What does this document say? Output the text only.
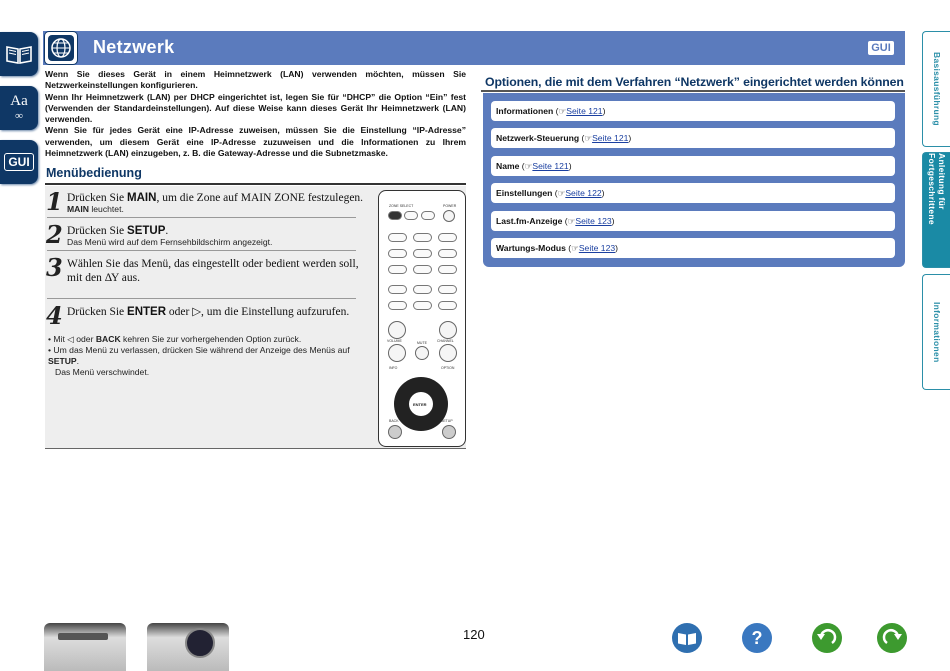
Aa
∞
GUI
Netzwerk	GUI

Wenn Sie dieses Gerät in einem Heimnetzwerk (LAN) verwenden möchten, müssen Sie Netzwerkeinstellungen konfigurieren.

Wenn Ihr Heimnetzwerk (LAN) per DHCP eingerichtet ist, legen Sie für “DHCP” die Option “Ein” fest (Verwenden der Standardeinstellungen). Auf diese Weise kann dieses Gerät Ihr Heimnetzwerk (LAN) verwenden.

Wenn Sie für jedes Gerät eine IP-Adresse zuweisen, müssen Sie die Einstellung “IP-Adresse” verwenden, um diesem Gerät eine IP-Adresse zuzuweisen und die Informationen zu Ihrem Heimnetzwerk (LAN) einzugeben, z. B. die Gateway-Adresse und die Subnetzmaske.

Menübedienung
1 Drücken Sie MAIN, um die Zone auf MAIN ZONE festzulegen.
MAIN leuchtet.
2 Drücken Sie SETUP.
Das Menü wird auf dem Fernsehbildschirm angezeigt.
3 Wählen Sie das Menü, das eingestellt oder bedient werden soll, mit den ΔΥ aus.
4 Drücken Sie ENTER oder ▷, um die Einstellung aufzurufen.
• Mit ◁ oder BACK kehren Sie zur vorhergehenden Option zurück.
• Um das Menü zu verlassen, drücken Sie während der Anzeige des Menüs auf SETUP.
Das Menü verschwindet.
ZONE SELECT	POWER
VOLUME	MUTE	CHANNEL
INFO	OPTION
ENTER
BACK	SETUP
Optionen, die mit dem Verfahren “Netzwerk” eingerichtet werden können
Informationen (☞Seite 121)
Netzwerk-Steuerung (☞Seite 121)
Name (☞Seite 121)
Einstellungen (☞Seite 122)
Last.fm-Anzeige (☞Seite 123)
Wartungs-Modus (☞Seite 123)
Basisausführung
Anleitung für Fortgeschrittene
Informationen
120	?
